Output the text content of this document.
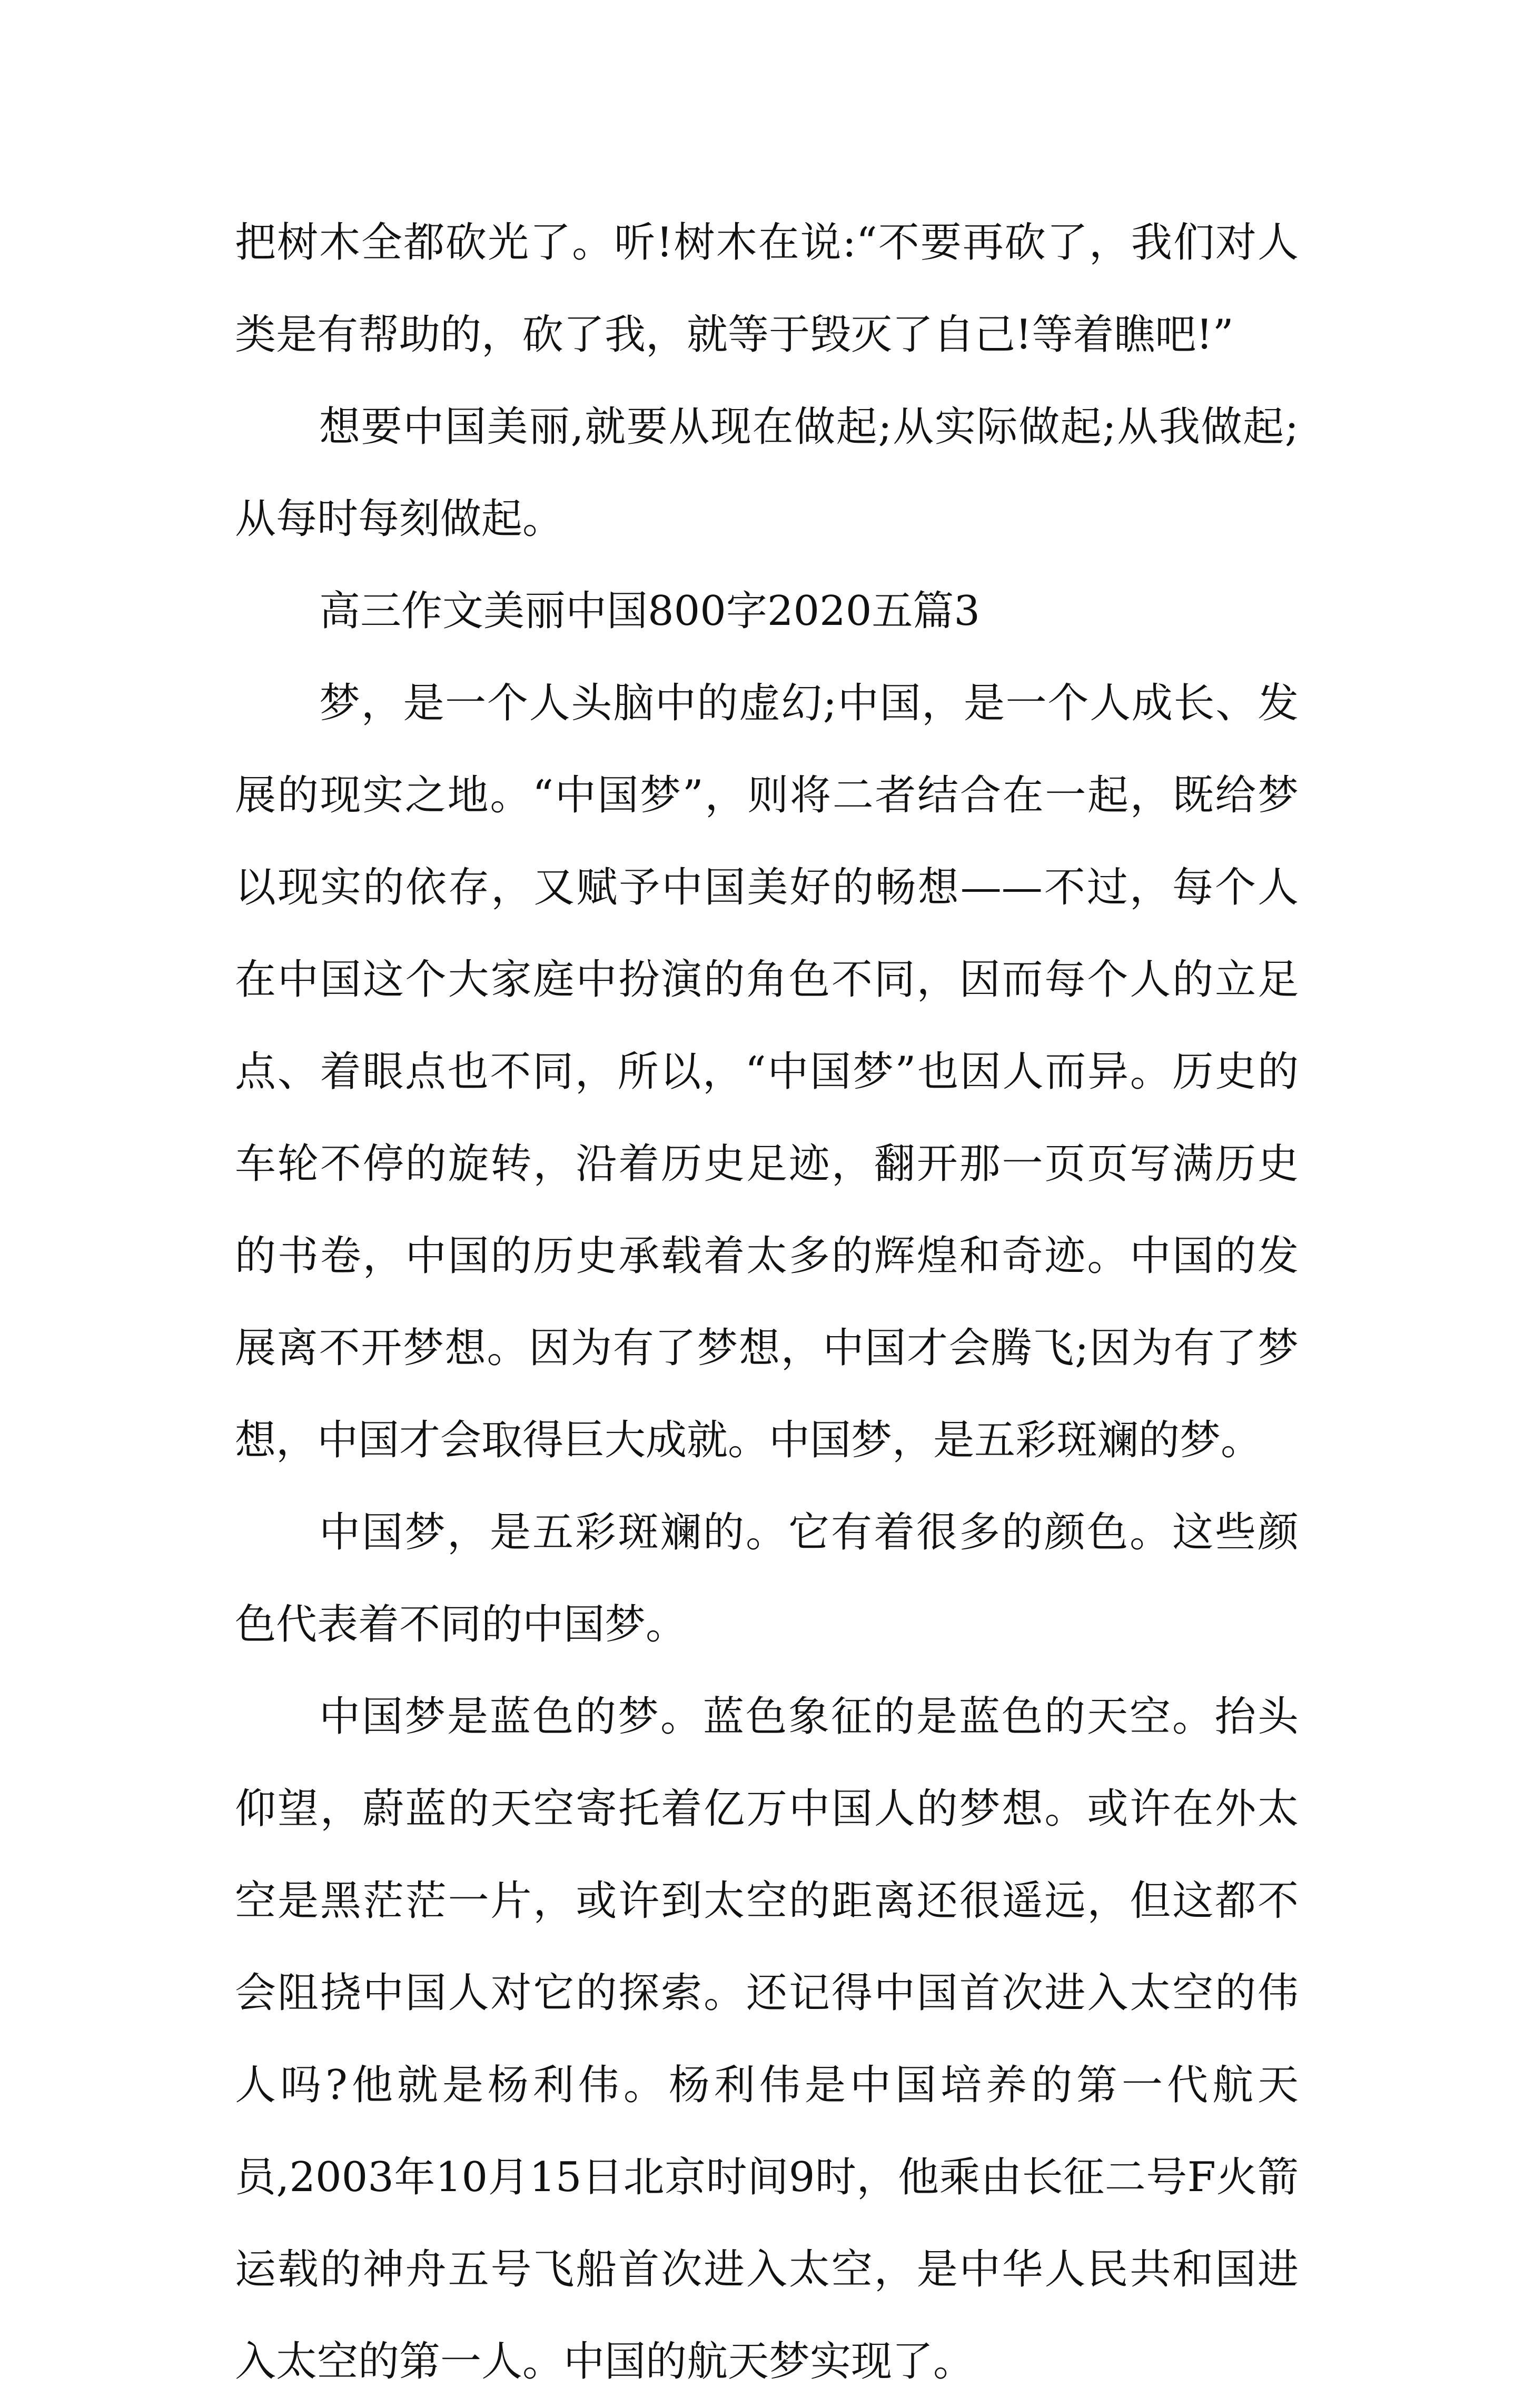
把树木全都砍光了。听!树木在说:“不要再砍了，我们对人类是有帮助的，砍了我，就等于毁灭了自己!等着瞧吧!”

想要中国美丽,就要从现在做起;从实际做起;从我做起;从每时每刻做起。

高三作文美丽中国800字2020五篇3

梦，是一个人头脑中的虚幻;中国，是一个人成长、发展的现实之地。“中国梦”，则将二者结合在一起，既给梦以现实的依存，又赋予中国美好的畅想——不过，每个人在中国这个大家庭中扮演的角色不同，因而每个人的立足点、着眼点也不同，所以，“中国梦”也因人而异。历史的车轮不停的旋转，沿着历史足迹，翻开那一页页写满历史的书卷，中国的历史承载着太多的辉煌和奇迹。中国的发展离不开梦想。因为有了梦想，中国才会腾飞;因为有了梦想，中国才会取得巨大成就。中国梦，是五彩斑斓的梦。

中国梦，是五彩斑斓的。它有着很多的颜色。这些颜色代表着不同的中国梦。

中国梦是蓝色的梦。蓝色象征的是蓝色的天空。抬头仰望，蔚蓝的天空寄托着亿万中国人的梦想。或许在外太空是黑茫茫一片，或许到太空的距离还很遥远，但这都不会阻挠中国人对它的探索。还记得中国首次进入太空的伟人吗?他就是杨利伟。杨利伟是中国培养的第一代航天员,2003年10月15日北京时间9时，他乘由长征二号F火箭运载的神舟五号飞船首次进入太空，是中华人民共和国进入太空的第一人。中国的航天梦实现了。
